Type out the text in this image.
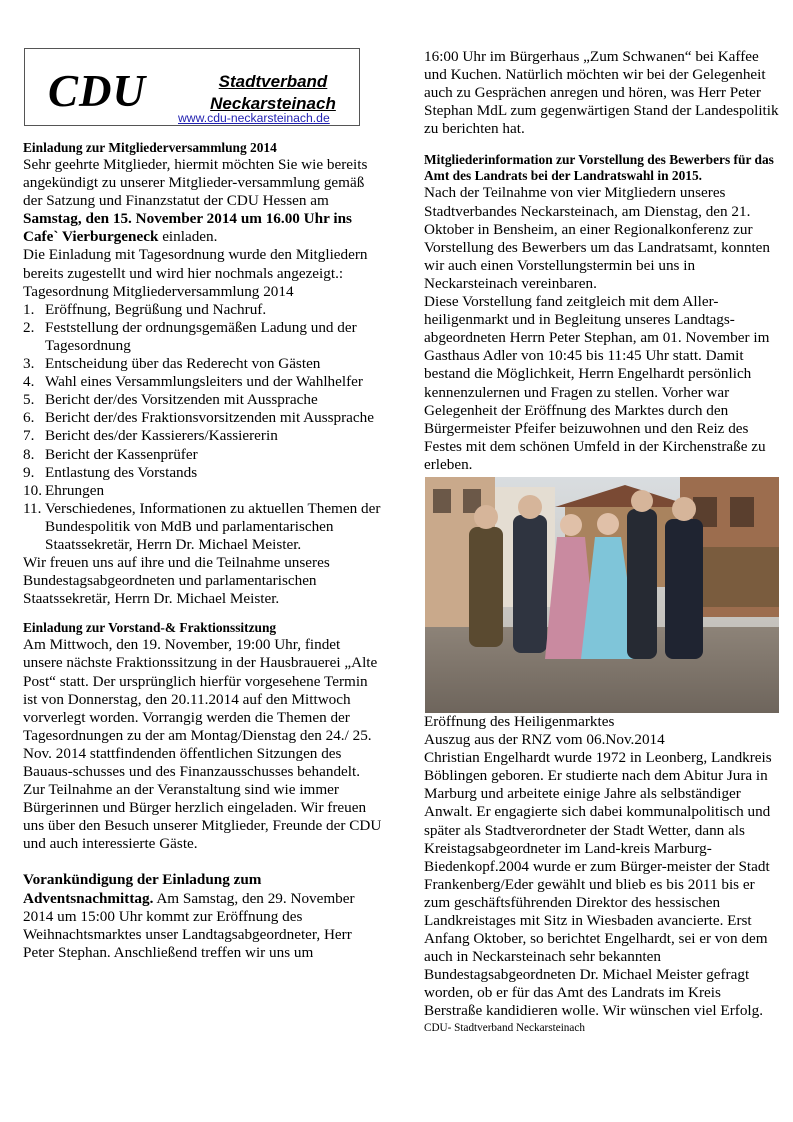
CDU	Stadtverband
Neckarsteinach
www.cdu-neckarsteinach.de
Einladung zur Mitgliederversammlung 2014
Sehr geehrte Mitglieder, hiermit möchten Sie wie bereits angekündigt zu unserer Mitglieder-versammlung gemäß der Satzung und Finanzstatut der CDU Hessen am Samstag, den 15. November 2014 um 16.00 Uhr ins Cafe` Vierburgeneck einladen.
Die Einladung mit Tagesordnung wurde den Mitgliedern bereits zugestellt und wird hier nochmals angezeigt.:
Tagesordnung Mitgliederversammlung 2014
1. Eröffnung, Begrüßung und Nachruf.
2. Feststellung der ordnungsgemäßen Ladung und der Tagesordnung
3. Entscheidung über das Rederecht von Gästen
4. Wahl eines Versammlungsleiters und der Wahlhelfer
5. Bericht der/des Vorsitzenden mit Aussprache
6. Bericht der/des Fraktionsvorsitzenden mit Aussprache
7. Bericht des/der Kassierers/Kassiererin
8. Bericht der Kassenprüfer
9. Entlastung des Vorstands
10. Ehrungen
11. Verschiedenes, Informationen zu aktuellen Themen der Bundespolitik von MdB und parlamentarischen Staatssekretär, Herrn Dr. Michael Meister.
Wir freuen uns auf ihre und die Teilnahme unseres Bundestagsabgeordneten und parlamentarischen Staatssekretär, Herrn Dr. Michael Meister.
Einladung zur Vorstand-& Fraktionssitzung
Am Mittwoch, den 19. November, 19:00 Uhr, findet unsere nächste Fraktionssitzung in der Hausbrauerei „Alte Post“ statt. Der ursprünglich hierfür vorgesehene Termin ist von Donnerstag, den 20.11.2014 auf den Mittwoch vorverlegt worden. Vorrangig werden die Themen der Tagesordnungen zu der am Montag/Dienstag den 24./ 25. Nov. 2014 stattfindenden öffentlichen Sitzungen des Bauaus-schusses und des Finanzausschusses behandelt.
Zur Teilnahme an der Veranstaltung sind wie immer Bürgerinnen und Bürger herzlich eingeladen. Wir freuen uns über den Besuch unserer Mitglieder, Freunde der CDU und auch interessierte Gäste.
Vorankündigung der Einladung zum Adventsnachmittag. Am Samstag, den 29. November 2014 um 15:00 Uhr kommt zur Eröffnung des Weihnachtsmarktes unser Landtagsabgeordneter, Herr Peter Stephan. Anschließend treffen wir uns um
16:00 Uhr im Bürgerhaus „Zum Schwanen“ bei Kaffee und Kuchen. Natürlich möchten wir bei der Gelegenheit auch zu Gesprächen anregen und hören, was Herr Peter Stephan MdL zum gegenwärtigen Stand der Landespolitik zu berichten hat.
Mitgliederinformation zur Vorstellung des Bewerbers für das Amt des Landrats bei der Landratswahl in 2015.
Nach der Teilnahme von vier Mitgliedern unseres Stadtverbandes Neckarsteinach, am Dienstag, den 21. Oktober in Bensheim, an einer Regionalkonferenz zur Vorstellung des Bewerbers um das Landratsamt, konnten wir auch einen Vorstellungstermin bei uns in Neckarsteinach vereinbaren.
Diese Vorstellung fand zeitgleich mit dem Aller-heiligenmarkt und in Begleitung unseres Landtags-abgeordneten Herrn Peter Stephan, am 01. November im Gasthaus Adler von 10:45 bis 11:45 Uhr statt. Damit bestand die Möglichkeit, Herrn Engelhardt persönlich kennenzulernen und Fragen zu stellen. Vorher war Gelegenheit der Eröffnung des Marktes durch den Bürgermeister Pfeifer beizuwohnen und den Reiz des Festes mit dem schönen Umfeld in der Kirchenstraße zu erleben.
Eröffnung des Heiligenmarktes
Auszug aus der RNZ vom 06.Nov.2014
Christian Engelhardt wurde 1972 in Leonberg, Landkreis Böblingen geboren. Er studierte nach dem Abitur Jura in Marburg und arbeitete einige Jahre als selbständiger Anwalt. Er engagierte sich dabei kommunalpolitisch und später als Stadtverordneter der Stadt Wetter, dann als Kreistagsabgeordneter im Land-kreis Marburg-Biedenkopf.2004 wurde er zum Bürger-meister der Stadt Frankenberg/Eder gewählt und blieb es bis 2011 bis er zum geschäftsführenden Direktor des hessischen Landkreistages mit Sitz in Wiesbaden avancierte. Erst Anfang Oktober, so berichtet Engelhardt, sei er von dem auch in Neckarsteinach sehr bekannten Bundestagsabgeordneten Dr. Michael Meister gefragt worden, ob er für das Amt des Landrats im Kreis Berstraße kandidieren wolle. Wir wünschen viel Erfolg.
CDU- Stadtverband Neckarsteinach
